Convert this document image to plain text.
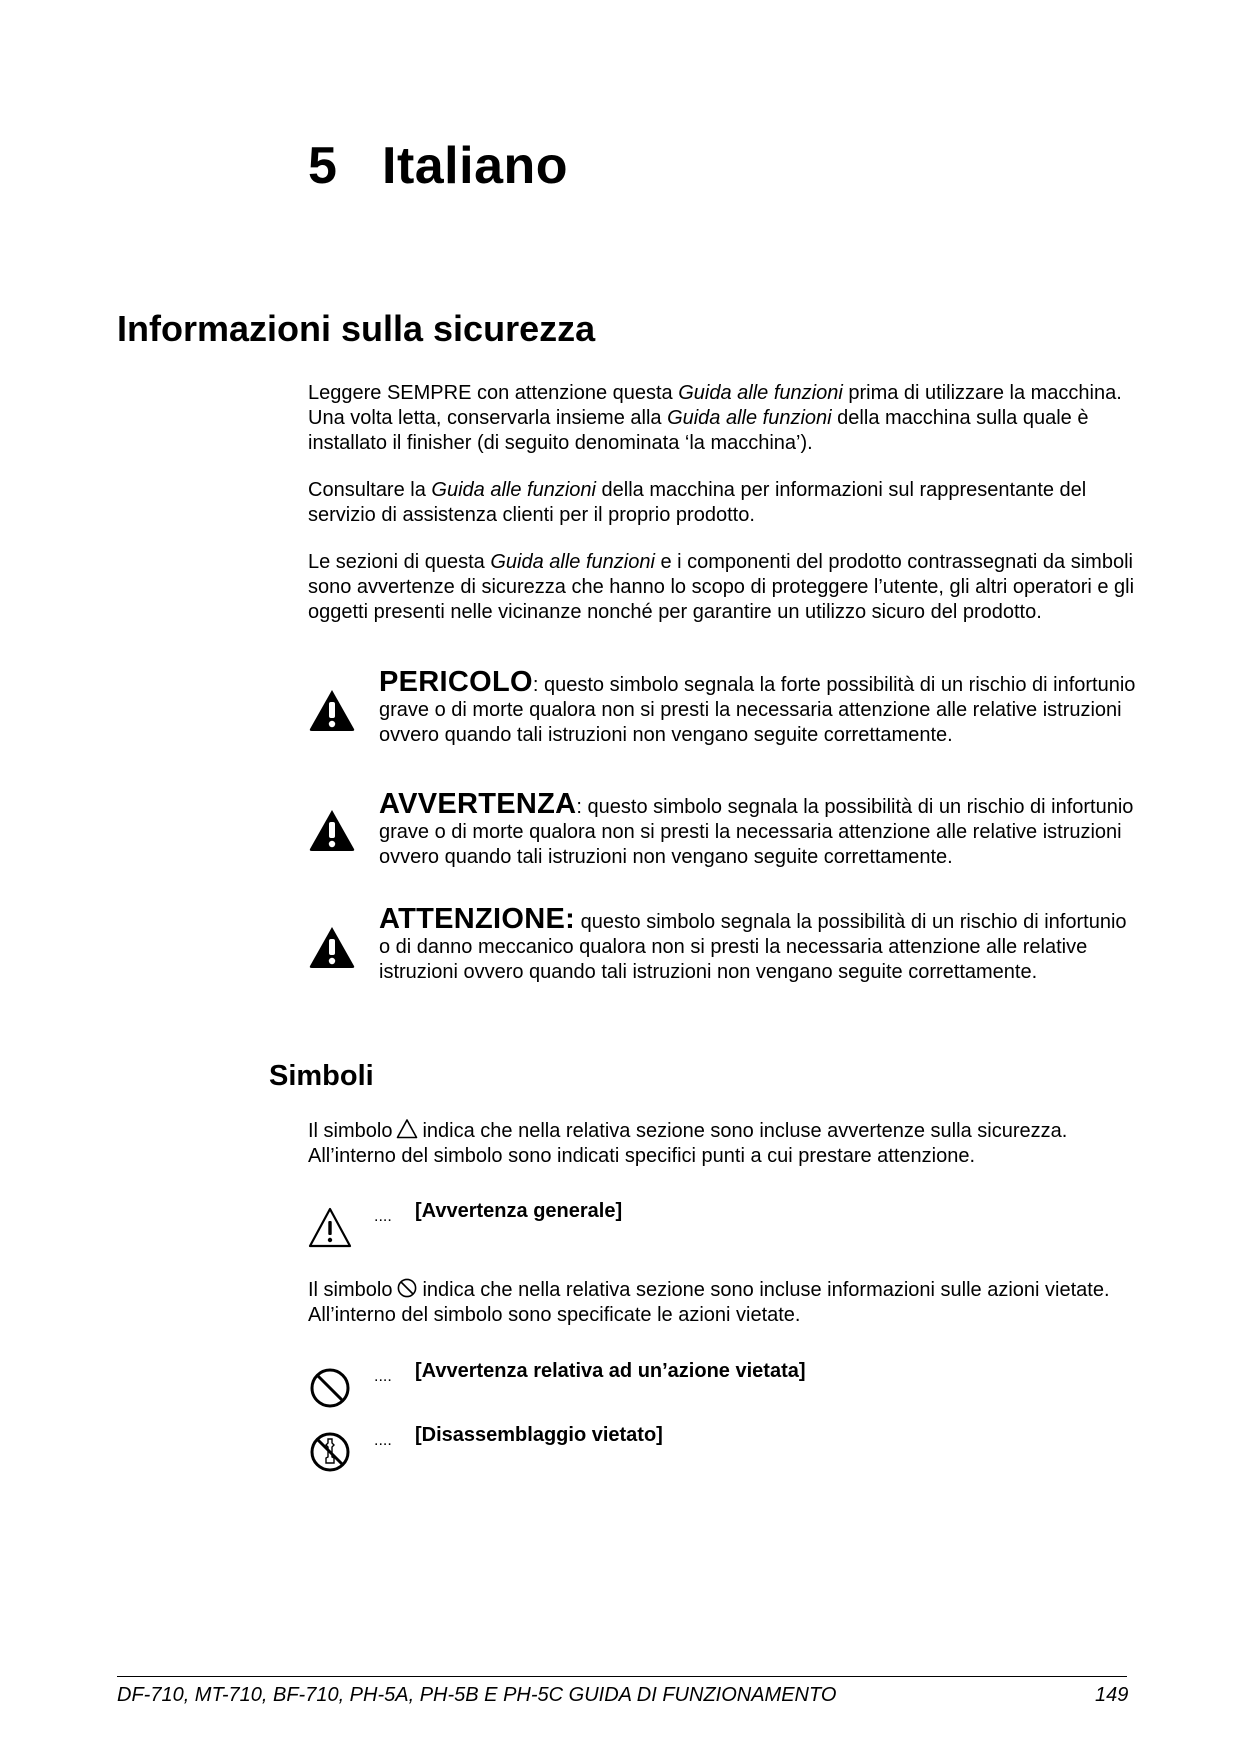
5 Italiano
Informazioni sulla sicurezza

Leggere SEMPRE con attenzione questa Guida alle funzioni prima di utilizzare la macchina. Una volta letta, conservarla insieme alla Guida alle funzioni della macchina sulla quale è installato il finisher (di seguito denominata ‘la macchina’).

Consultare la Guida alle funzioni della macchina per informazioni sul rappresentante del servizio di assistenza clienti per il proprio prodotto.

Le sezioni di questa Guida alle funzioni e i componenti del prodotto contrassegnati da simboli sono avvertenze di sicurezza che hanno lo scopo di proteggere l’utente, gli altri operatori e gli oggetti presenti nelle vicinanze nonché per garantire un utilizzo sicuro del prodotto.

PERICOLO: questo simbolo segnala la forte possibilità di un rischio di infortunio grave o di morte qualora non si presti la necessaria attenzione alle relative istruzioni ovvero quando tali istruzioni non vengano seguite correttamente.

AVVERTENZA: questo simbolo segnala la possibilità di un rischio di infortunio grave o di morte qualora non si presti la necessaria attenzione alle relative istruzioni ovvero quando tali istruzioni non vengano seguite correttamente.

ATTENZIONE: questo simbolo segnala la possibilità di un rischio di infortunio o di danno meccanico qualora non si presti la necessaria attenzione alle relative istruzioni ovvero quando tali istruzioni non vengano seguite correttamente.

Simboli

Il simbolo indica che nella relativa sezione sono incluse avvertenze sulla sicurezza. All’interno del simbolo sono indicati specifici punti a cui prestare attenzione.

.... [Avvertenza generale]

Il simbolo indica che nella relativa sezione sono incluse informazioni sulle azioni vietate. All’interno del simbolo sono specificate le azioni vietate.

.... [Avvertenza relativa ad un’azione vietata]
.... [Disassemblaggio vietato]
DF-710, MT-710, BF-710, PH-5A, PH-5B E PH-5C GUIDA DI FUNZIONAMENTO	149
